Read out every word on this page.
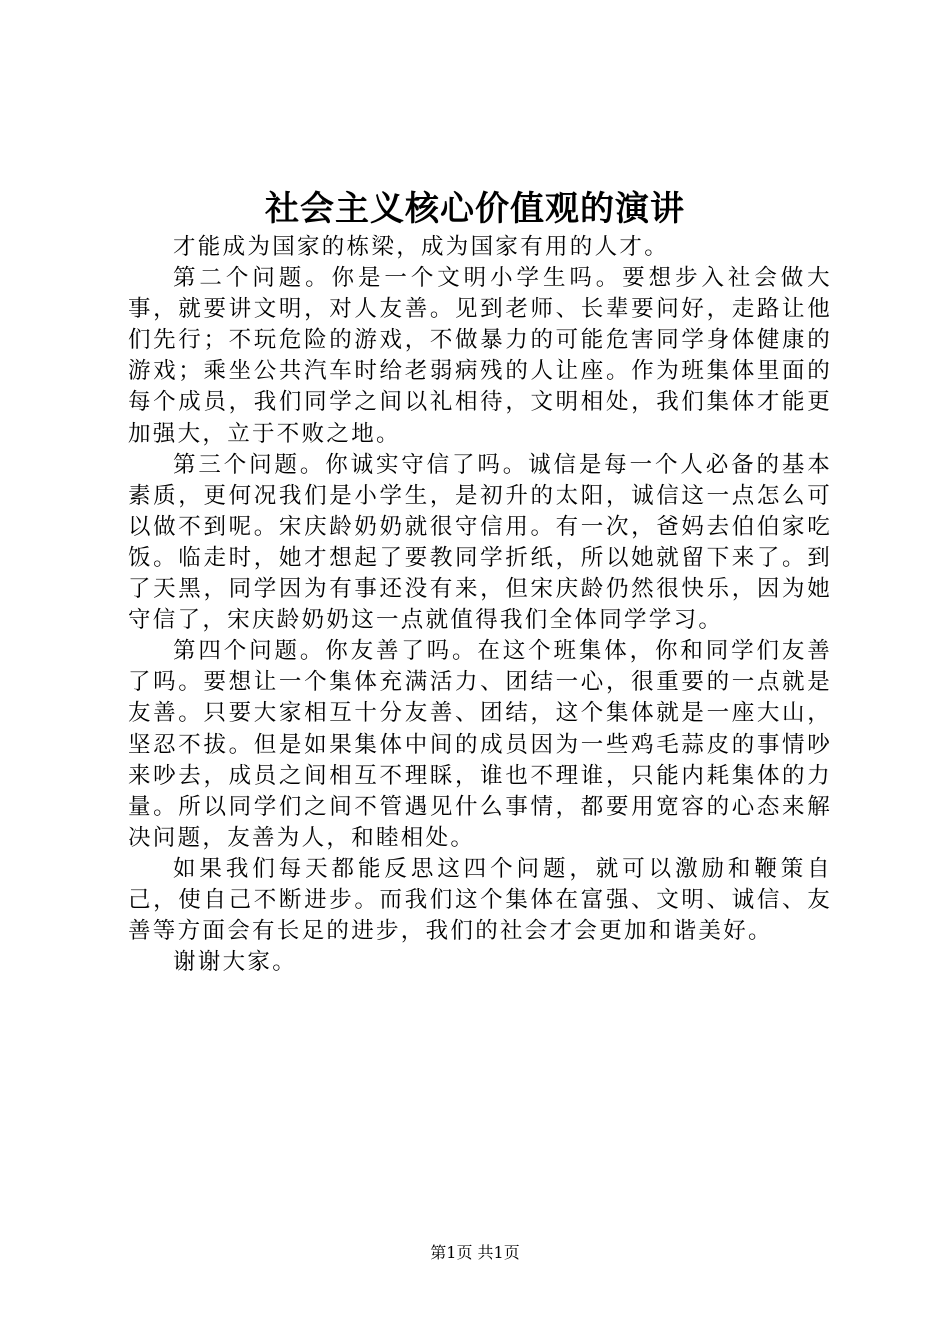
社会主义核心价值观的演讲

才能成为国家的栋梁，成为国家有用的人才。

第二个问题。你是一个文明小学生吗。要想步入社会做大事，就要讲文明，对人友善。见到老师、长辈要问好，走路让他们先行；不玩危险的游戏，不做暴力的可能危害同学身体健康的游戏；乘坐公共汽车时给老弱病残的人让座。作为班集体里面的每个成员，我们同学之间以礼相待，文明相处，我们集体才能更加强大，立于不败之地。

第三个问题。你诚实守信了吗。诚信是每一个人必备的基本素质，更何况我们是小学生，是初升的太阳，诚信这一点怎么可以做不到呢。宋庆龄奶奶就很守信用。有一次，爸妈去伯伯家吃饭。临走时，她才想起了要教同学折纸，所以她就留下来了。到了天黑，同学因为有事还没有来，但宋庆龄仍然很快乐，因为她守信了，宋庆龄奶奶这一点就值得我们全体同学学习。

第四个问题。你友善了吗。在这个班集体，你和同学们友善了吗。要想让一个集体充满活力、团结一心，很重要的一点就是友善。只要大家相互十分友善、团结，这个集体就是一座大山，坚忍不拔。但是如果集体中间的成员因为一些鸡毛蒜皮的事情吵来吵去，成员之间相互不理睬，谁也不理谁，只能内耗集体的力量。所以同学们之间不管遇见什么事情，都要用宽容的心态来解决问题，友善为人，和睦相处。

如果我们每天都能反思这四个问题，就可以激励和鞭策自己，使自己不断进步。而我们这个集体在富强、文明、诚信、友善等方面会有长足的进步，我们的社会才会更加和谐美好。

谢谢大家。

第1页 共1页
